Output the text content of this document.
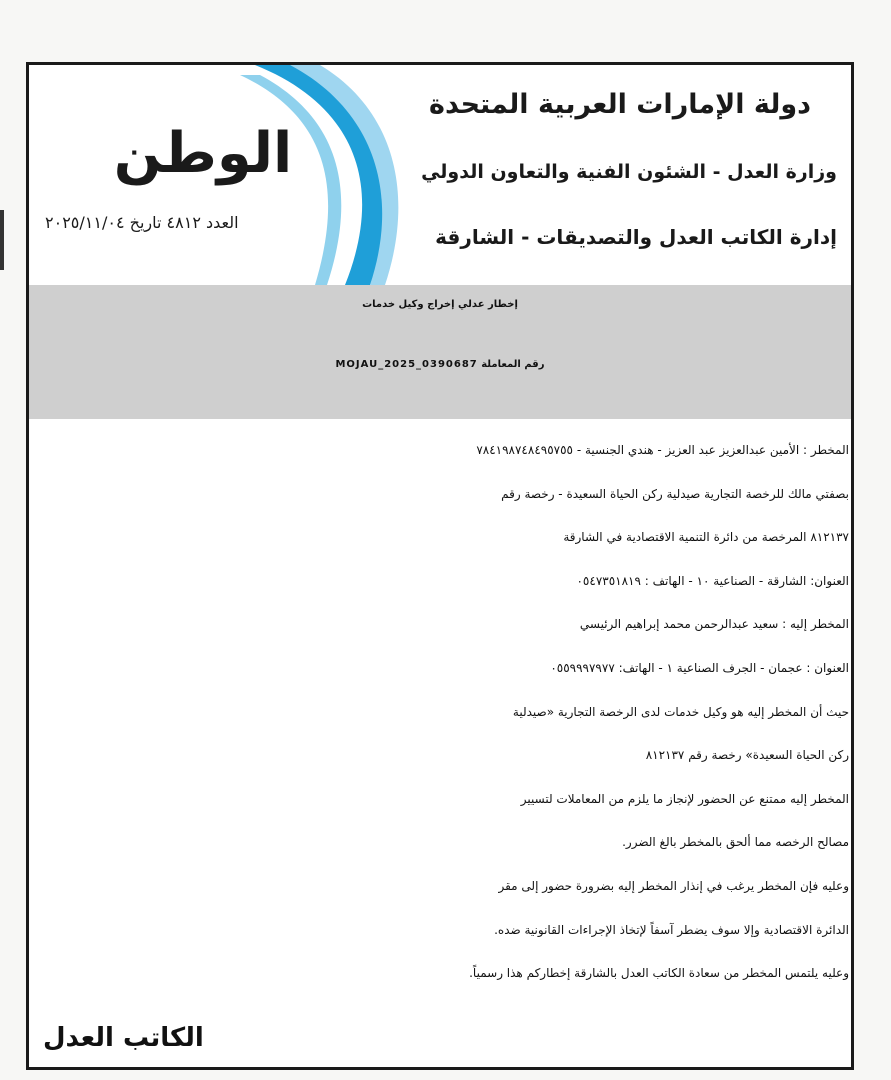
الوطن
العدد ٤٨١٢ تاريخ ٢٠٢٥/١١/٠٤
دولة الإمارات العربية المتحدة
وزارة العدل - الشئون الفنية والتعاون الدولي
إدارة الكاتب العدل والتصديقات - الشارقة
إخطار عدلي إخراج وكيل خدمات
رقم المعاملة MOJAU_2025_0390687
المخطر : الأمين عبدالعزيز عبد العزيز - هندي الجنسية - ٧٨٤١٩٨٧٤٨٤٩٥٧٥٥
بصفتي مالك للرخصة التجارية صيدلية ركن الحياة السعيدة - رخصة رقم
٨١٢١٣٧ المرخصة من دائرة التنمية الاقتصادية في الشارقة
العنوان: الشارقة - الصناعية ١٠ - الهاتف : ٠٥٤٧٣٥١٨١٩
المخطر إليه : سعيد عبدالرحمن محمد إبراهيم الرئيسي
العنوان : عجمان - الجرف الصناعية ١ - الهاتف: ٠٥٥٩٩٩٧٩٧٧
حيث أن المخطر إليه هو وكيل خدمات لدى الرخصة التجارية «صيدلية
ركن الحياة السعيدة» رخصة رقم ٨١٢١٣٧
المخطر إليه ممتنع عن الحضور لإنجاز ما يلزم من المعاملات لتسيير
مصالح الرخصه مما ألحق بالمخطر بالغ الضرر.
وعليه فإن المخطر يرغب في إنذار المخطر إليه بضرورة حضور إلى مقر
الدائرة الاقتصادية وإلا سوف يضطر آسفاً لإتخاذ الإجراءات القانونية ضده.
وعليه يلتمس المخطر من سعادة الكاتب العدل بالشارقة إخطاركم هذا رسمياً.
الكاتب العدل
